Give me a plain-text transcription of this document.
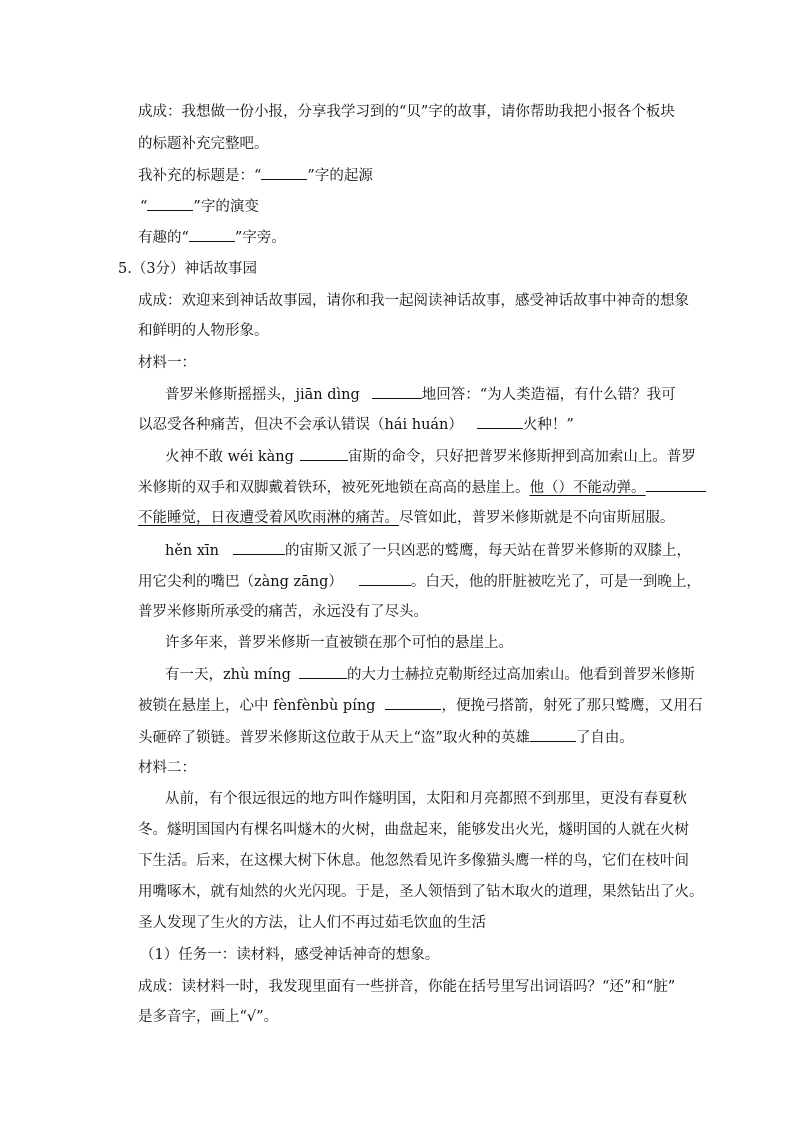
成成：我想做一份小报，分享我学习到的“贝”字的故事，请你帮助我把小报各个板块
的标题补充完整吧。
我补充的标题是：“	”字的起源
“	”字的演变
有趣的“	”字旁。
5.（3分）神话故事园
成成：欢迎来到神话故事园，请你和我一起阅读神话故事，感受神话故事中神奇的想象
和鲜明的人物形象。
材料一：
普罗米修斯摇摇头，jiān dìng	地回答：“为人类造福，有什么错？我可
以忍受各种痛苦，但决不会承认错误（hái huán）	火种！”
火神不敢 wéi kàng	宙斯的命令，只好把普罗米修斯押到高加索山上。普罗
米修斯的双手和双脚戴着铁环，被死死地锁在高高的悬崖上。他（）不能动弹。
不能睡觉，日夜遭受着风吹雨淋的痛苦。尽管如此，普罗米修斯就是不向宙斯屈服。
hěn xīn	的宙斯又派了一只凶恶的鹫鹰，每天站在普罗米修斯的双膝上，
用它尖利的嘴巴（zàng zāng）	。白天，他的肝脏被吃光了，可是一到晚上，
普罗米修斯所承受的痛苦，永远没有了尽头。
许多年来，普罗米修斯一直被锁在那个可怕的悬崖上。
有一天，zhù míng	的大力士赫拉克勒斯经过高加索山。他看到普罗米修斯
被锁在悬崖上，心中 fènfènbù píng	，便挽弓搭箭，射死了那只鹫鹰，又用石
头砸碎了锁链。普罗米修斯这位敢于从天上“盗”取火种的英雄	了自由。
材料二：
从前，有个很远很远的地方叫作燧明国，太阳和月亮都照不到那里，更没有春夏秋
冬。燧明国国内有棵名叫燧木的火树，曲盘起来，能够发出火光，燧明国的人就在火树
下生活。后来，在这棵大树下休息。他忽然看见许多像猫头鹰一样的鸟，它们在枝叶间
用嘴啄木，就有灿然的火光闪现。于是，圣人领悟到了钻木取火的道理，果然钻出了火。
圣人发现了生火的方法，让人们不再过茹毛饮血的生活
（1）任务一：读材料，感受神话神奇的想象。
成成：读材料一时，我发现里面有一些拼音，你能在括号里写出词语吗？“还”和“脏”
是多音字，画上“√”。
